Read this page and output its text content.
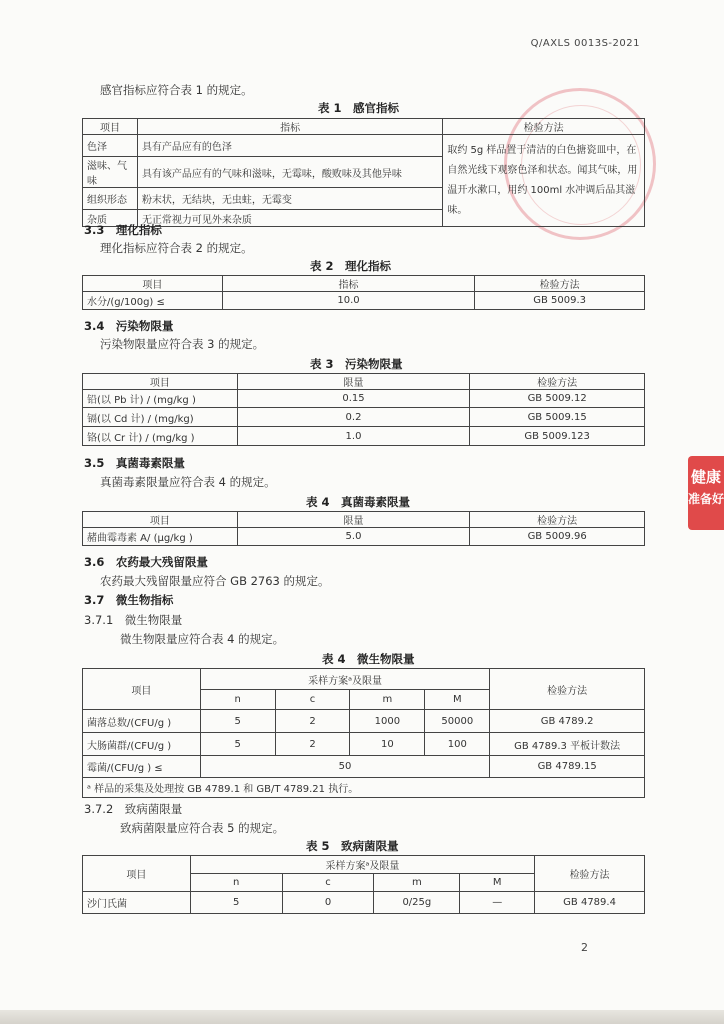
Q/AXLS 0013S-2021
感官指标应符合表 1 的规定。
表 1　感官指标
项目	指标	检验方法
色泽	具有产品应有的色泽	取约 5g 样品置于清洁的白色搪瓷皿中，在自然光线下观察色泽和状态。闻其气味，用温开水漱口，用约 100ml 水冲调后品其滋味。
滋味、气味	具有该产品应有的气味和滋味，无霉味，酸败味及其他异味	
组织形态	粉末状，无结块，无虫蛀，无霉变	
杂质	无正常视力可见外来杂质	
3.3　理化指标
理化指标应符合表 2 的规定。
表 2　理化指标
项目	指标	检验方法
水分/(g/100g) ≤	10.0	GB 5009.3
3.4　污染物限量
污染物限量应符合表 3 的规定。
表 3　污染物限量
项目	限量	检验方法
铅(以 Pb 计) / (mg/kg )	0.15	GB 5009.12
镉(以 Cd 计) / (mg/kg)	0.2	GB 5009.15
铬(以 Cr 计) / (mg/kg )	1.0	GB 5009.123
3.5　真菌毒素限量
真菌毒素限量应符合表 4 的规定。
表 4　真菌毒素限量
项目	限量	检验方法
赭曲霉毒素 A/ (μg/kg )	5.0	GB 5009.96
3.6　农药最大残留限量
农药最大残留限量应符合 GB 2763 的规定。
3.7　微生物指标
3.7.1　微生物限量
微生物限量应符合表 4 的规定。
表 4　微生物限量
项目	采样方案ᵃ及限量				检验方法
	n	c	m	M	
菌落总数/(CFU/g )	5	2	1000	50000	GB 4789.2
大肠菌群/(CFU/g )	5	2	10	100	GB 4789.3 平板计数法
霉菌/(CFU/g ) ≤	50				GB 4789.15
ᵃ 样品的采集及处理按 GB 4789.1 和 GB/T 4789.21 执行。					
3.7.2　致病菌限量
致病菌限量应符合表 5 的规定。
表 5　致病菌限量
项目	采样方案ᵃ及限量				检验方法
	n	c	m	M	
沙门氏菌	5	0	0/25g	—	GB 4789.4
健康
准备好
2
